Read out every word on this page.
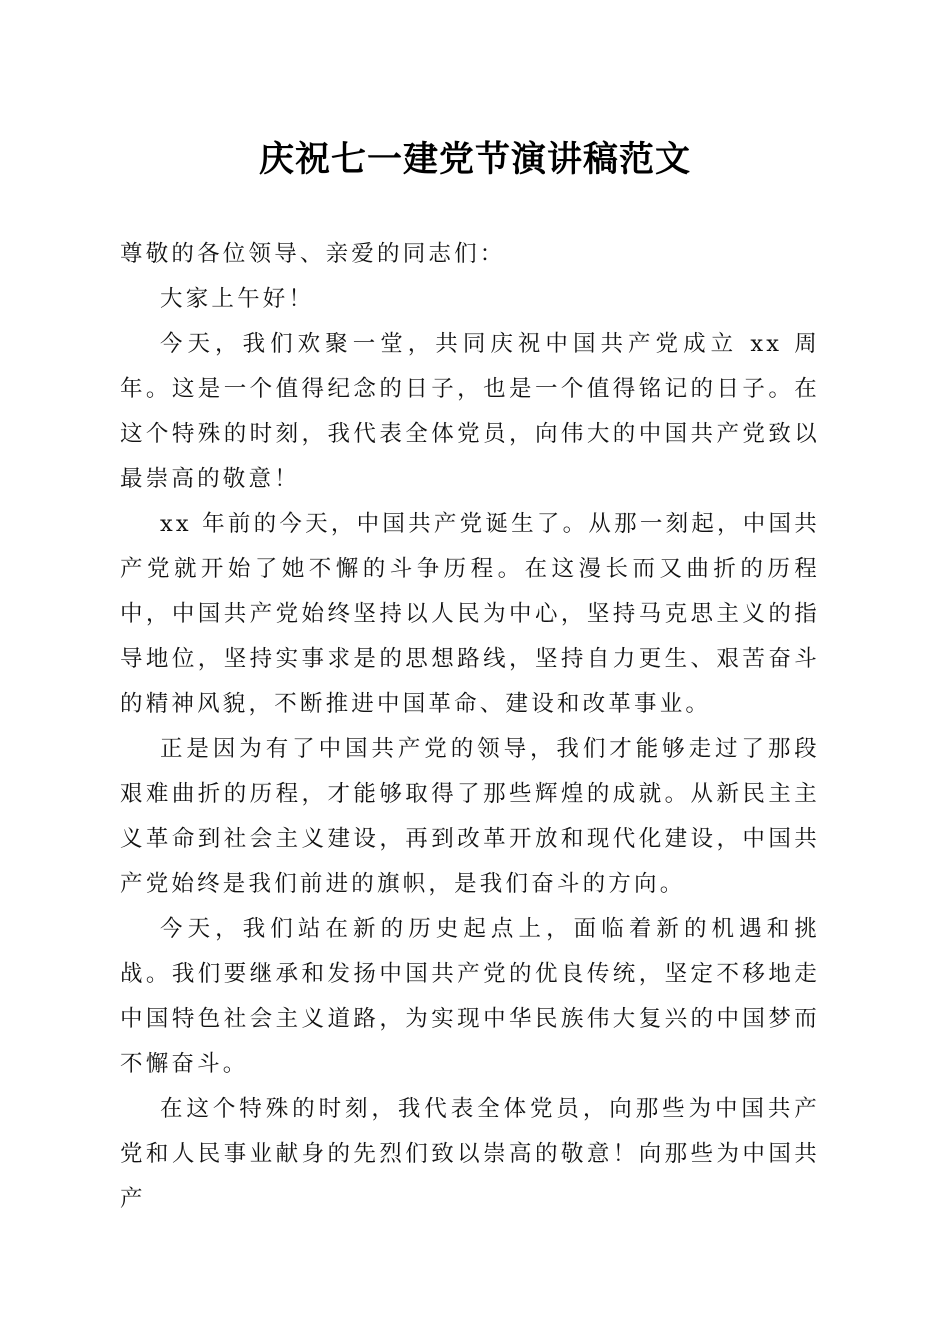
庆祝七一建党节演讲稿范文

尊敬的各位领导、亲爱的同志们：

大家上午好！

今天，我们欢聚一堂，共同庆祝中国共产党成立 xx 周年。这是一个值得纪念的日子，也是一个值得铭记的日子。在这个特殊的时刻，我代表全体党员，向伟大的中国共产党致以最崇高的敬意！

xx 年前的今天，中国共产党诞生了。从那一刻起，中国共产党就开始了她不懈的斗争历程。在这漫长而又曲折的历程中，中国共产党始终坚持以人民为中心，坚持马克思主义的指导地位，坚持实事求是的思想路线，坚持自力更生、艰苦奋斗的精神风貌，不断推进中国革命、建设和改革事业。

正是因为有了中国共产党的领导，我们才能够走过了那段艰难曲折的历程，才能够取得了那些辉煌的成就。从新民主主义革命到社会主义建设，再到改革开放和现代化建设，中国共产党始终是我们前进的旗帜，是我们奋斗的方向。

今天，我们站在新的历史起点上，面临着新的机遇和挑战。我们要继承和发扬中国共产党的优良传统，坚定不移地走中国特色社会主义道路，为实现中华民族伟大复兴的中国梦而不懈奋斗。

在这个特殊的时刻，我代表全体党员，向那些为中国共产党和人民事业献身的先烈们致以崇高的敬意！向那些为中国共产
